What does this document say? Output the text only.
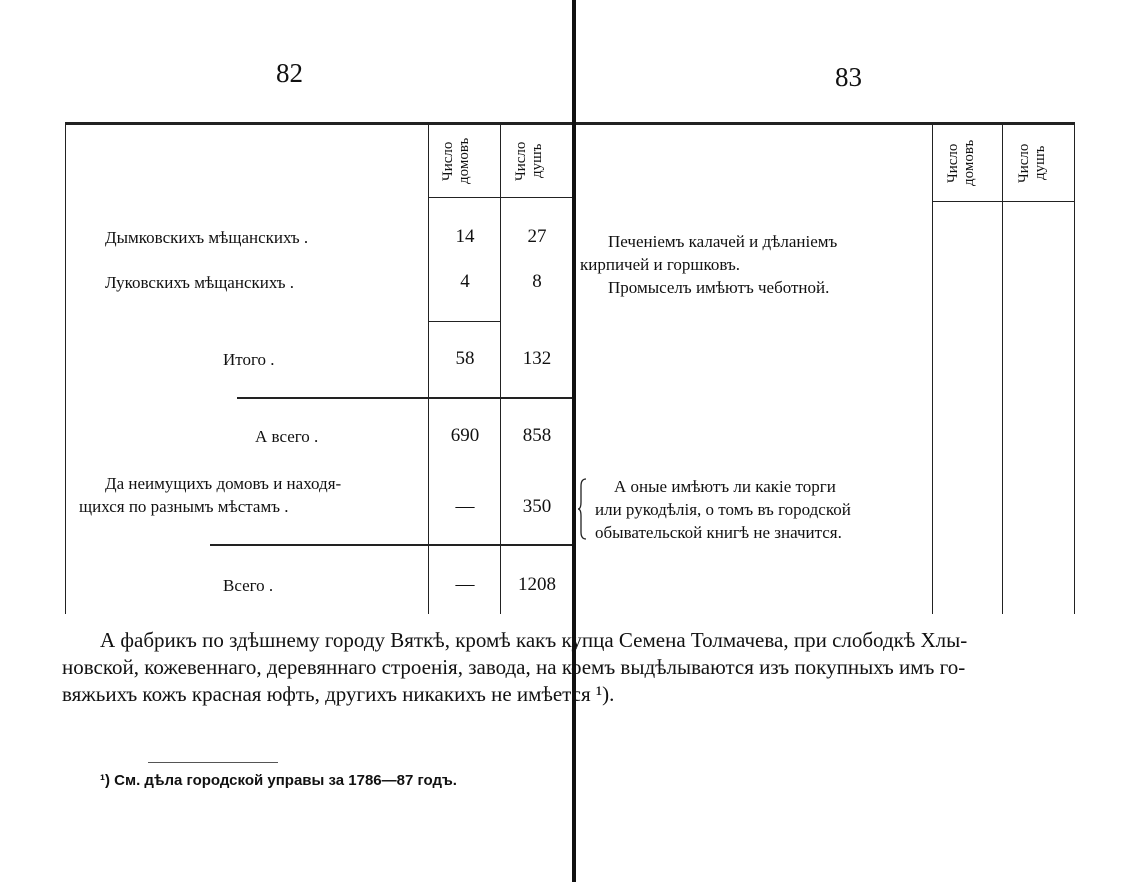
82	83
Число домовъ	Число душъ
Дымковскихъ мѣщанскихъ .	14	27
Луковскихъ мѣщанскихъ .	4	8
Итого .	58	132
А всего .	690	858
Да неимущихъ домовъ и находя-
щихся по разнымъ мѣстамъ .	—	350
Всего .	—	1208
Число домовъ	Число душъ
Печеніемъ калачей и дѣланіемъ
кирпичей и горшковъ.
Промыселъ имѣютъ чеботной.
А оные имѣютъ ли какіе торги
или рукодѣлія, о томъ въ городской
обывательской книгѣ не значится.
А фабрикъ по здѣшнему городу Вяткѣ, кромѣ какъ купца Семена Толмачева, при слободкѣ Хлы-
новской, кожевеннаго, деревяннаго строенія, завода, на коемъ выдѣлываются изъ покупныхъ имъ го-
вяжьихъ кожъ красная юфть, другихъ никакихъ не имѣется ¹).
¹) См. дѣла городской управы за 1786—87 годъ.
